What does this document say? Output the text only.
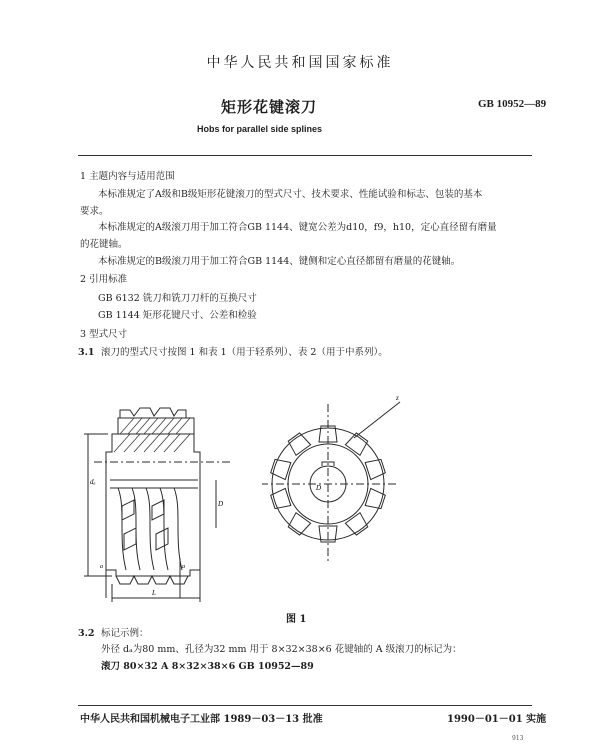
中华人民共和国国家标准
矩形花键滚刀	GB 10952—89
Hobs for parallel side splines
1 主题内容与适用范围
本标准规定了A级和B级矩形花键滚刀的型式尺寸、技术要求、性能试验和标志、包装的基本
要求。
本标准规定的A级滚刀用于加工符合GB 1144、键宽公差为d10，f9，h10，定心直径留有磨量
的花键轴。
本标准规定的B级滚刀用于加工符合GB 1144、键侧和定心直径都留有磨量的花键轴。
2 引用标准
GB 6132 铣刀和铣刀刀杆的互换尺寸
GB 1144 矩形花键尺寸、公差和检验
3 型式尺寸
3.1 滚刀的型式尺寸按图 1 和表 1（用于轻系列）、表 2（用于中系列）。
dₐ
D
L
a	a
D
z
图 1
3.2 标记示例：
外径 dₐ为80 mm、孔径为32 mm 用于 8×32×38×6 花键轴的 A 级滚刀的标记为：
滚刀 80×32 A 8×32×38×6 GB 10952—89
中华人民共和国机械电子工业部 1989－03－13 批准	1990－01－01 实施
913
